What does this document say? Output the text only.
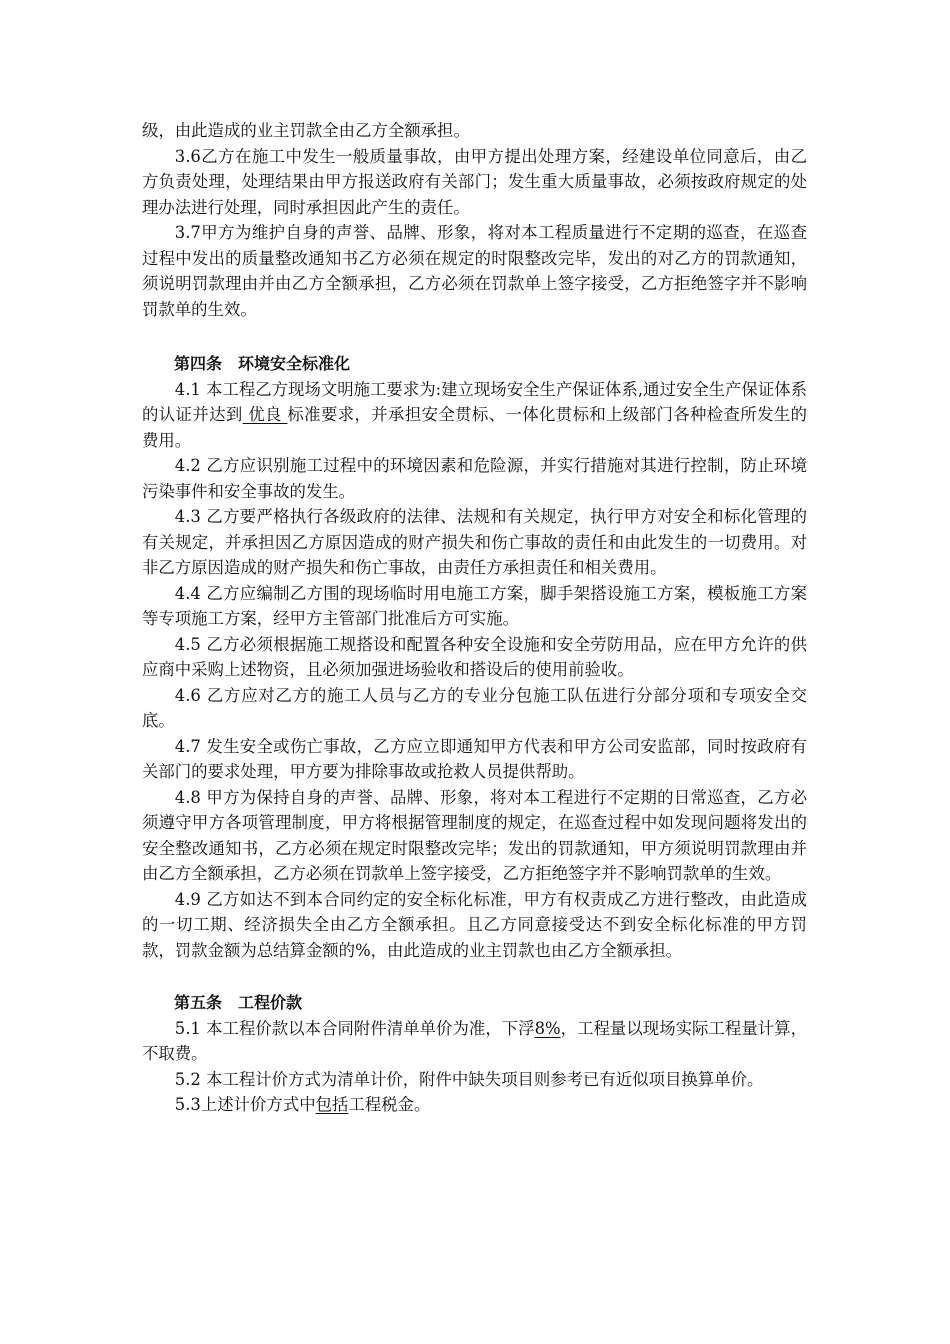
级，由此造成的业主罚款全由乙方全额承担。

3.6乙方在施工中发生一般质量事故，由甲方提出处理方案，经建设单位同意后，由乙方负责处理，处理结果由甲方报送政府有关部门；发生重大质量事故，必须按政府规定的处理办法进行处理，同时承担因此产生的责任。

3.7甲方为维护自身的声誉、品牌、形象，将对本工程质量进行不定期的巡查，在巡查过程中发出的质量整改通知书乙方必须在规定的时限整改完毕，发出的对乙方的罚款通知，须说明罚款理由并由乙方全额承担，乙方必须在罚款单上签字接受，乙方拒绝签字并不影响罚款单的生效。

第四条 环境安全标准化

4.1 本工程乙方现场文明施工要求为:建立现场安全生产保证体系,通过安全生产保证体系的认证并达到 优良 标准要求，并承担安全贯标、一体化贯标和上级部门各种检查所发生的费用。

4.2 乙方应识别施工过程中的环境因素和危险源，并实行措施对其进行控制，防止环境污染事件和安全事故的发生。

4.3 乙方要严格执行各级政府的法律、法规和有关规定，执行甲方对安全和标化管理的有关规定，并承担因乙方原因造成的财产损失和伤亡事故的责任和由此发生的一切费用。对非乙方原因造成的财产损失和伤亡事故，由责任方承担责任和相关费用。

4.4 乙方应编制乙方围的现场临时用电施工方案，脚手架搭设施工方案，模板施工方案等专项施工方案，经甲方主管部门批准后方可实施。

4.5 乙方必须根据施工规搭设和配置各种安全设施和安全劳防用品，应在甲方允许的供应商中采购上述物资，且必须加强进场验收和搭设后的使用前验收。

4.6 乙方应对乙方的施工人员与乙方的专业分包施工队伍进行分部分项和专项安全交底。

4.7 发生安全或伤亡事故，乙方应立即通知甲方代表和甲方公司安监部，同时按政府有关部门的要求处理，甲方要为排除事故或抢救人员提供帮助。

4.8 甲方为保持自身的声誉、品牌、形象，将对本工程进行不定期的日常巡查，乙方必须遵守甲方各项管理制度，甲方将根据管理制度的规定，在巡查过程中如发现问题将发出的安全整改通知书，乙方必须在规定时限整改完毕；发出的罚款通知，甲方须说明罚款理由并由乙方全额承担，乙方必须在罚款单上签字接受，乙方拒绝签字并不影响罚款单的生效。

4.9 乙方如达不到本合同约定的安全标化标准，甲方有权责成乙方进行整改，由此造成的一切工期、经济损失全由乙方全额承担。且乙方同意接受达不到安全标化标准的甲方罚款，罚款金额为总结算金额的%，由此造成的业主罚款也由乙方全额承担。

第五条 工程价款

5.1 本工程价款以本合同附件清单单价为准，下浮8%，工程量以现场实际工程量计算，不取费。

5.2 本工程计价方式为清单计价，附件中缺失项目则参考已有近似项目换算单价。

5.3上述计价方式中包括工程税金。
